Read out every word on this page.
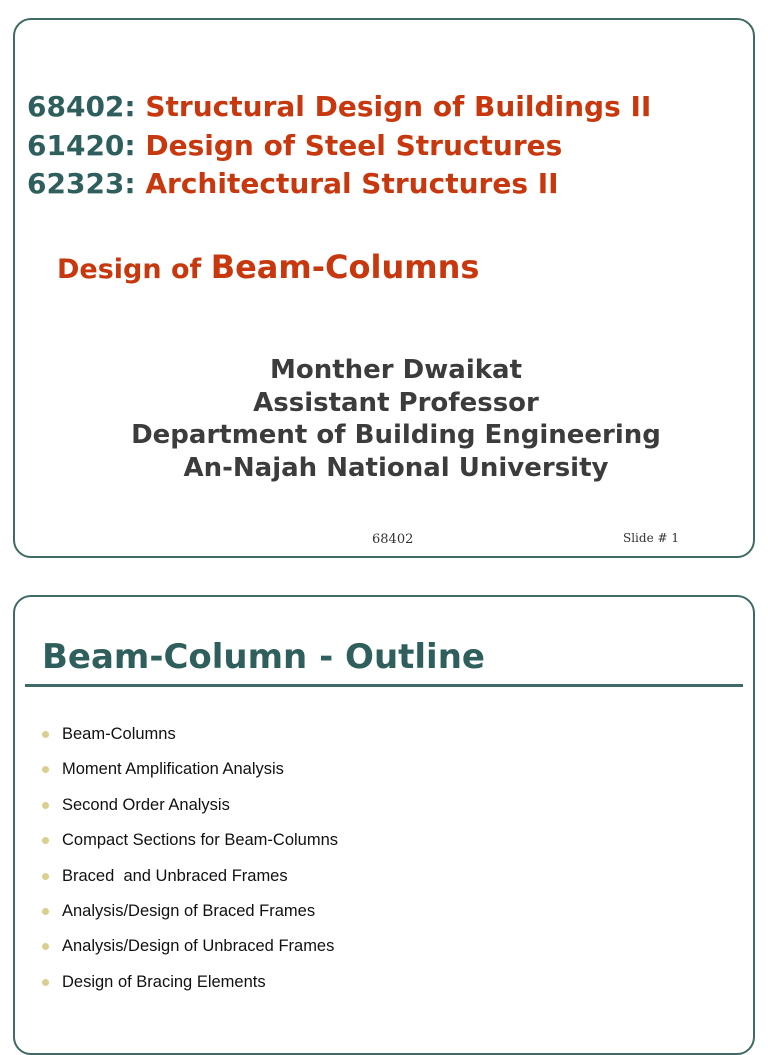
68402: Structural Design of Buildings II
61420: Design of Steel Structures
62323: Architectural Structures II
Design of Beam-Columns
Monther Dwaikat
Assistant Professor
Department of Building Engineering
An-Najah National University
68402	Slide # 1
Beam-Column - Outline
Beam-Columns
Moment Amplification Analysis
Second Order Analysis
Compact Sections for Beam-Columns
Braced  and Unbraced Frames
Analysis/Design of Braced Frames
Analysis/Design of Unbraced Frames
Design of Bracing Elements
